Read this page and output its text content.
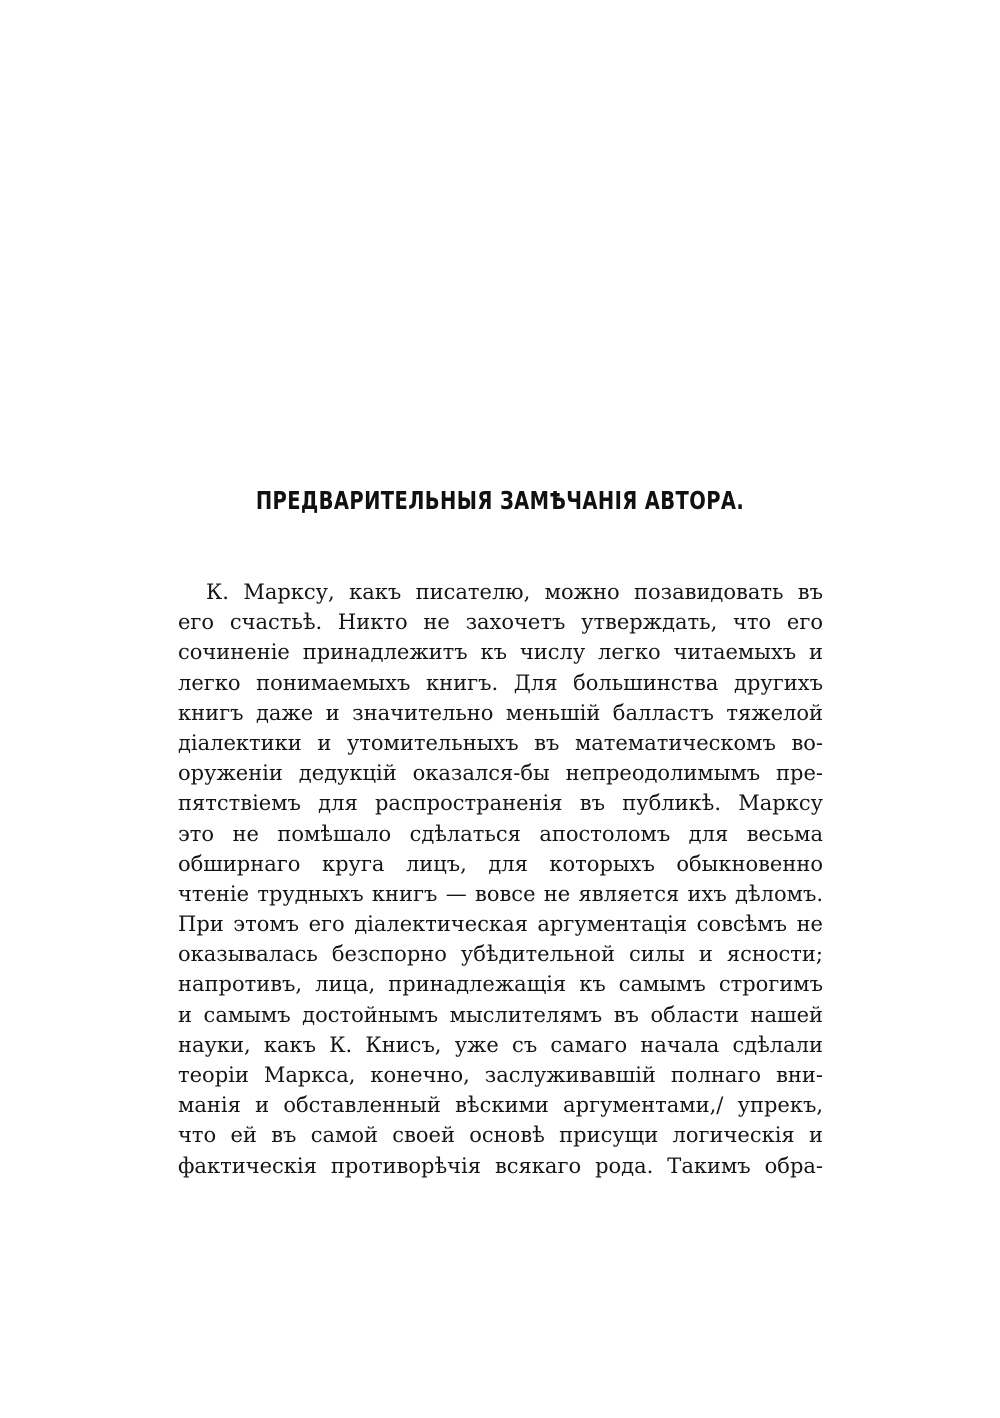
ПРЕДВАРИТЕЛЬНЫЯ ЗАМѢЧАНІЯ АВТОРА.
К. Марксу, какъ писателю, можно позавидовать въ
его счастьѣ. Никто не захочетъ утверждать, что его
сочиненіе принадлежитъ къ числу легко читаемыхъ и
легко понимаемыхъ книгъ. Для большинства другихъ
книгъ даже и значительно меньшій балластъ тяжелой
діалектики и утомительныхъ въ математическомъ во-
оруженіи дедукцій оказался-бы непреодолимымъ пре-
пятствіемъ для распространенія въ публикѣ. Марксу
это не помѣшало сдѣлаться апостоломъ для весьма
обширнаго круга лицъ, для которыхъ обыкновенно
чтеніе трудныхъ книгъ — вовсе не является ихъ дѣломъ.
При этомъ его діалектическая аргументація совсѣмъ не
оказывалась безспорно убѣдительной силы и ясности;
напротивъ, лица, принадлежащія къ самымъ строгимъ
и самымъ достойнымъ мыслителямъ въ области нашей
науки, какъ К. Книсъ, уже съ самаго начала сдѣлали
теоріи Маркса, конечно, заслуживавшій полнаго вни-
манія и обставленный вѣскими аргументами,/ упрекъ,
что ей въ самой своей основѣ присущи логическія и
фактическія противорѣчія всякаго рода. Такимъ обра-
